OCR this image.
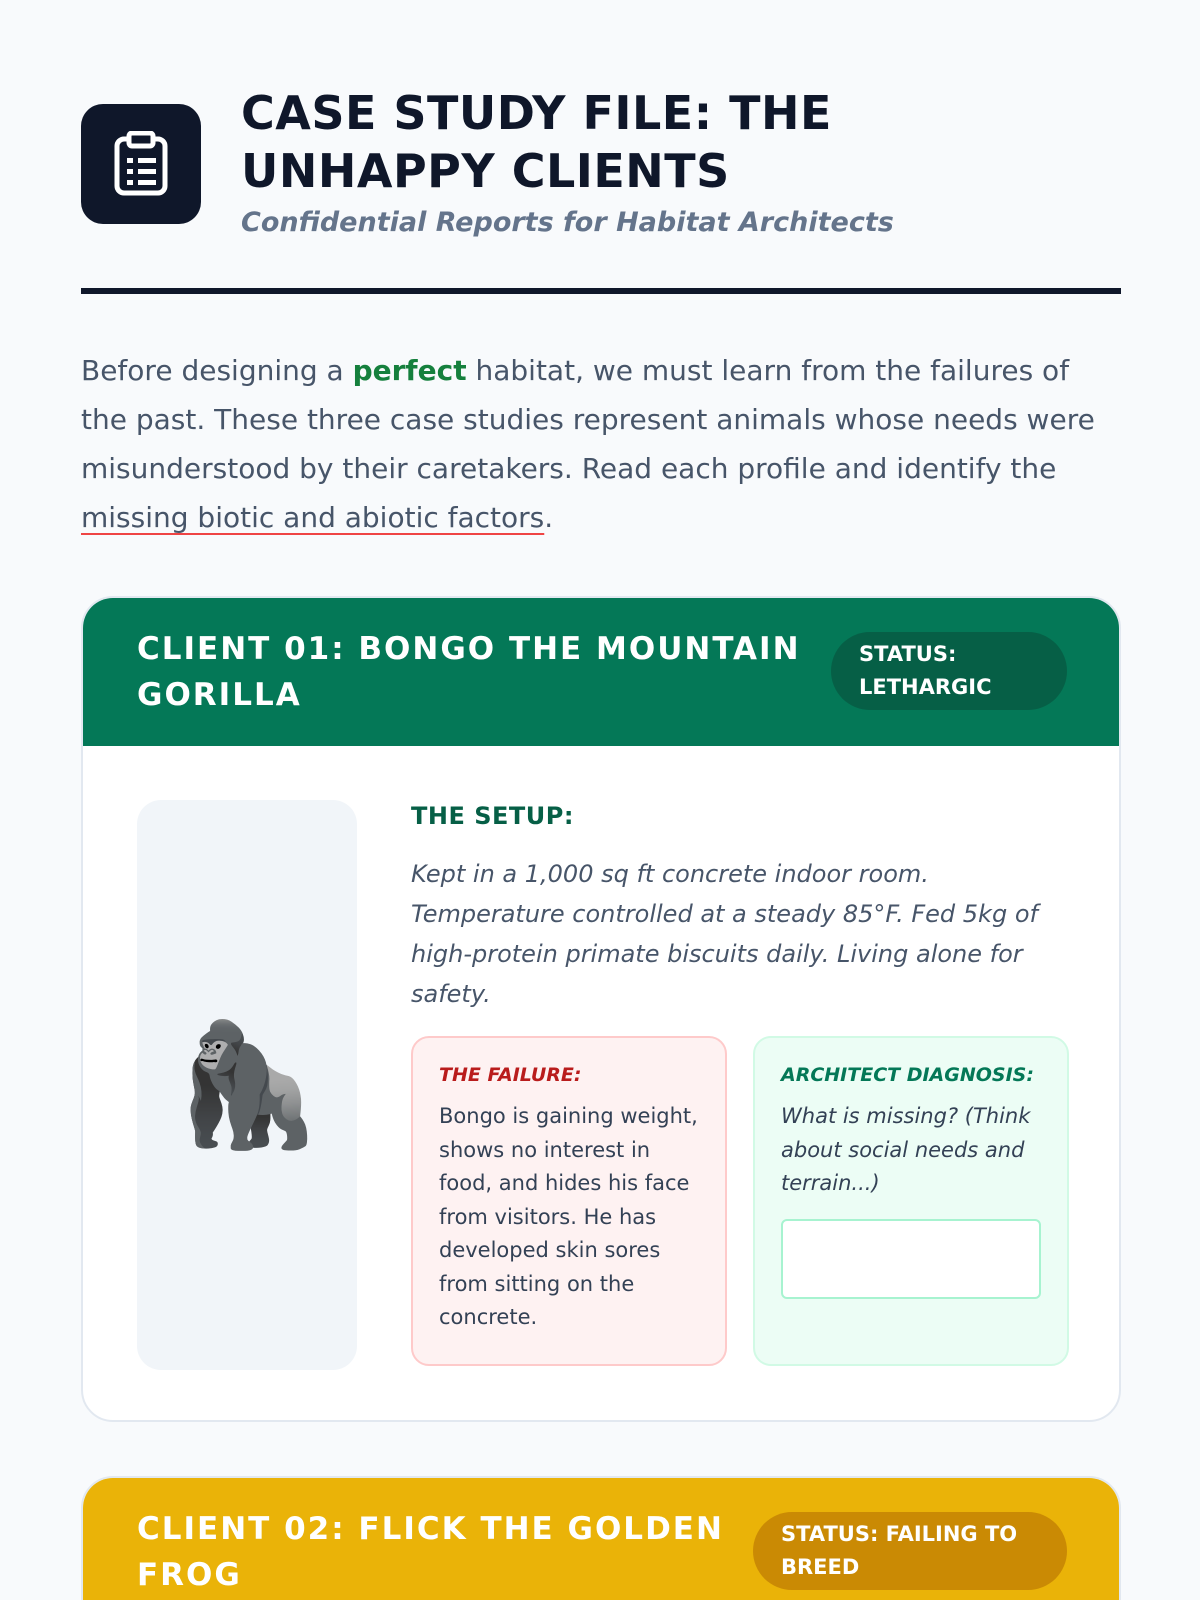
CASE STUDY FILE: THE UNHAPPY CLIENTS
Confidential Reports for Habitat Architects

Before designing a perfect habitat, we must learn from the failures of the past. These three case studies represent animals whose needs were misunderstood by their caretakers. Read each profile and identify the missing biotic and abiotic factors.

CLIENT 01: BONGO THE MOUNTAIN GORILLA
STATUS: LETHARGIC
🦍
THE SETUP:
Kept in a 1,000 sq ft concrete indoor room. Temperature controlled at a steady 85°F. Fed 5kg of high-protein primate biscuits daily. Living alone for safety.
THE FAILURE:
Bongo is gaining weight, shows no interest in food, and hides his face from visitors. He has developed skin sores from sitting on the concrete.
ARCHITECT DIAGNOSIS:
What is missing? (Think about social needs and terrain...)
CLIENT 02: FLICK THE GOLDEN FROG
STATUS: FAILING TO BREED
